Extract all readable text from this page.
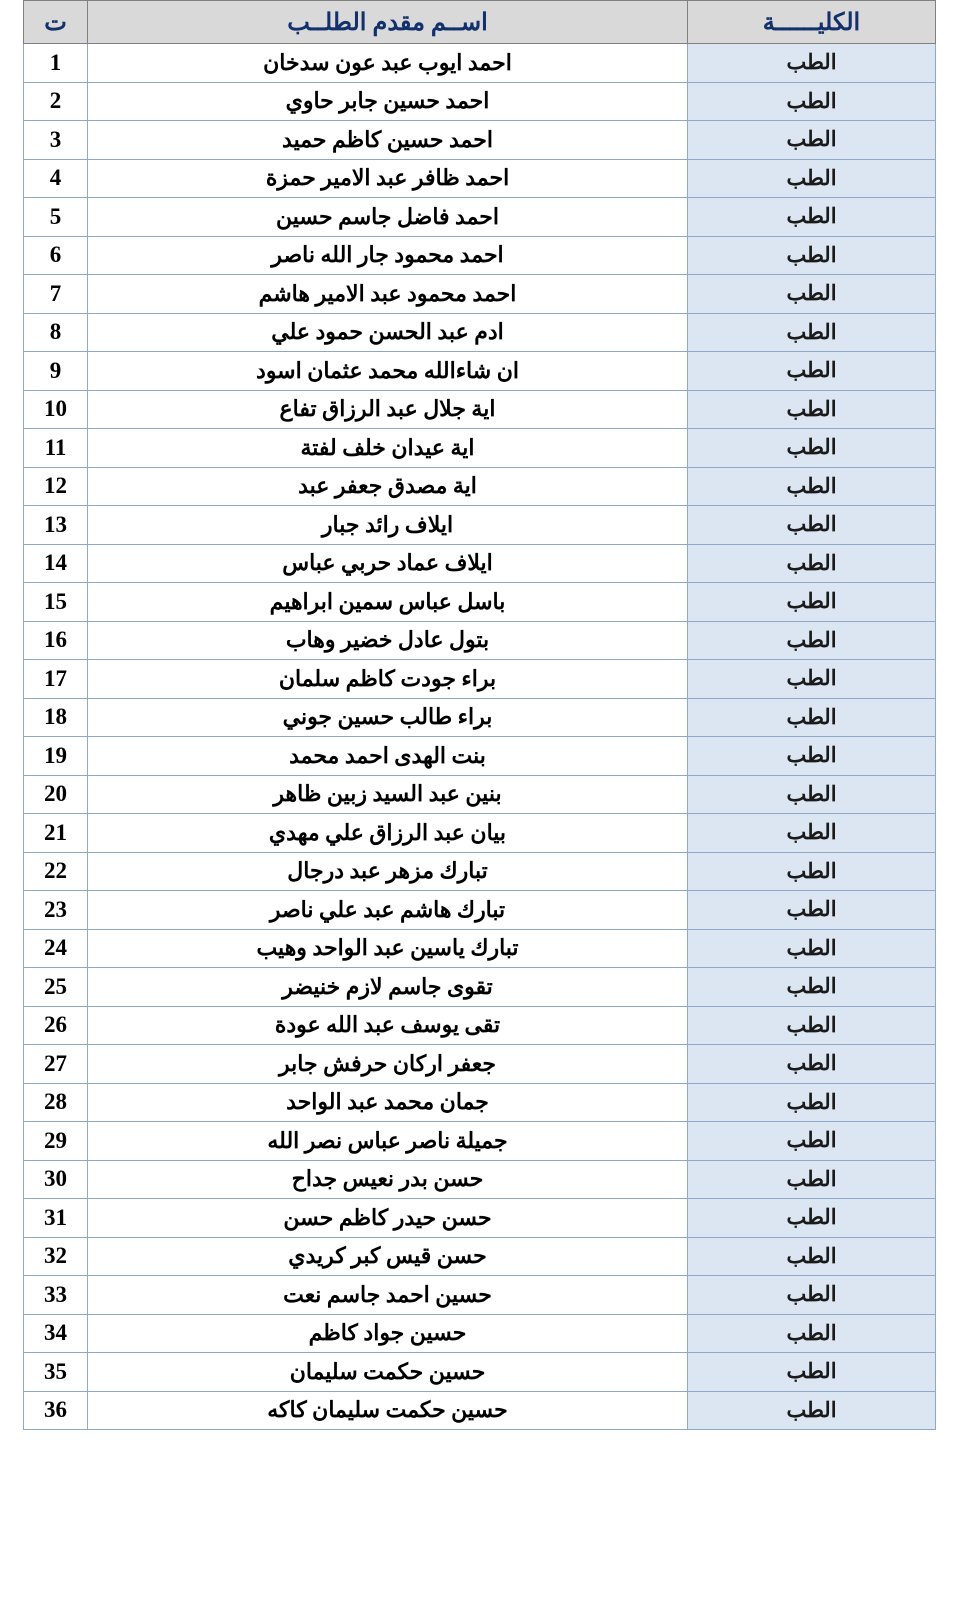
الكليــــــة	اســم مقدم الطلــب	ت
الطب	احمد ايوب عبد عون سدخان	1
الطب	احمد حسين جابر حاوي	2
الطب	احمد حسين كاظم حميد	3
الطب	احمد ظافر عبد الامير حمزة	4
الطب	احمد فاضل جاسم حسين	5
الطب	احمد محمود جار الله ناصر	6
الطب	احمد محمود عبد الامير هاشم	7
الطب	ادم عبد الحسن حمود علي	8
الطب	ان شاءالله محمد عثمان اسود	9
الطب	اية جلال عبد الرزاق تفاع	10
الطب	اية عيدان خلف لفتة	11
الطب	اية مصدق جعفر عبد	12
الطب	ايلاف رائد جبار	13
الطب	ايلاف عماد حربي عباس	14
الطب	باسل عباس سمين ابراهيم	15
الطب	بتول عادل خضير وهاب	16
الطب	براء جودت كاظم سلمان	17
الطب	براء طالب حسين جوني	18
الطب	بنت الهدى احمد محمد	19
الطب	بنين عبد السيد زبين ظاهر	20
الطب	بيان عبد الرزاق علي مهدي	21
الطب	تبارك مزهر عبد درجال	22
الطب	تبارك هاشم عبد علي ناصر	23
الطب	تبارك ياسين عبد الواحد وهيب	24
الطب	تقوى جاسم لازم خنيضر	25
الطب	تقى يوسف عبد الله عودة	26
الطب	جعفر اركان حرفش جابر	27
الطب	جمان محمد عبد الواحد	28
الطب	جميلة ناصر عباس نصر الله	29
الطب	حسن بدر نعيس جداح	30
الطب	حسن حيدر كاظم حسن	31
الطب	حسن قيس كبر كريدي	32
الطب	حسين احمد جاسم نعت	33
الطب	حسين جواد كاظم	34
الطب	حسين حكمت سليمان	35
الطب	حسين حكمت سليمان كاكه	36
